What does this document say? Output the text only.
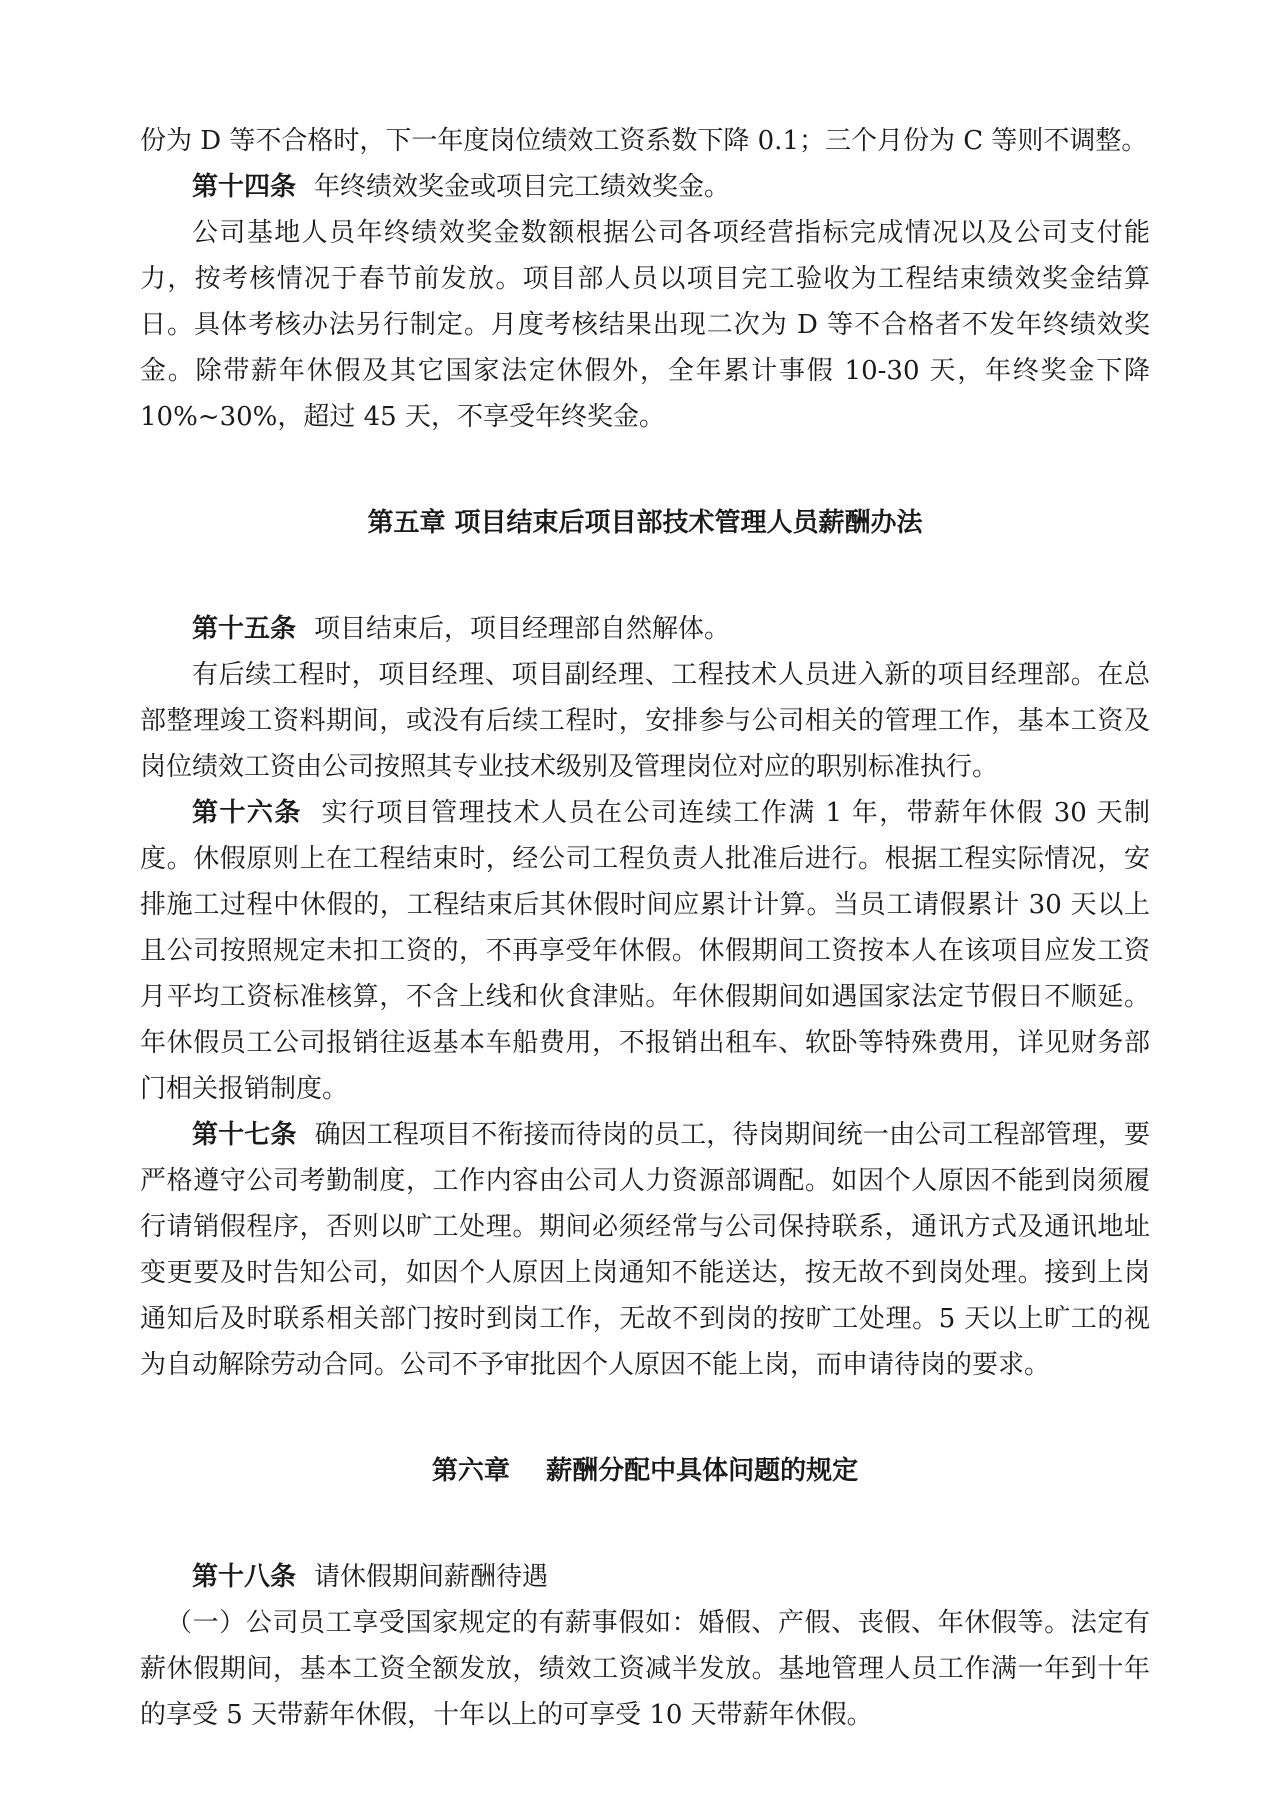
份为 D 等不合格时，下一年度岗位绩效工资系数下降 0.1；三个月份为 C 等则不调整。

第十四条 年终绩效奖金或项目完工绩效奖金。

公司基地人员年终绩效奖金数额根据公司各项经营指标完成情况以及公司支付能力，按考核情况于春节前发放。项目部人员以项目完工验收为工程结束绩效奖金结算日。具体考核办法另行制定。月度考核结果出现二次为 D 等不合格者不发年终绩效奖金。除带薪年休假及其它国家法定休假外，全年累计事假 10-30 天，年终奖金下降 10%~30%，超过 45 天，不享受年终奖金。

第五章 项目结束后项目部技术管理人员薪酬办法

第十五条 项目结束后，项目经理部自然解体。

有后续工程时，项目经理、项目副经理、工程技术人员进入新的项目经理部。在总部整理竣工资料期间，或没有后续工程时，安排参与公司相关的管理工作，基本工资及岗位绩效工资由公司按照其专业技术级别及管理岗位对应的职别标准执行。

第十六条 实行项目管理技术人员在公司连续工作满 1 年，带薪年休假 30 天制度。休假原则上在工程结束时，经公司工程负责人批准后进行。根据工程实际情况，安排施工过程中休假的，工程结束后其休假时间应累计计算。当员工请假累计 30 天以上且公司按照规定未扣工资的，不再享受年休假。休假期间工资按本人在该项目应发工资月平均工资标准核算，不含上线和伙食津贴。年休假期间如遇国家法定节假日不顺延。年休假员工公司报销往返基本车船费用，不报销出租车、软卧等特殊费用，详见财务部门相关报销制度。

第十七条 确因工程项目不衔接而待岗的员工，待岗期间统一由公司工程部管理，要严格遵守公司考勤制度，工作内容由公司人力资源部调配。如因个人原因不能到岗须履行请销假程序，否则以旷工处理。期间必须经常与公司保持联系，通讯方式及通讯地址变更要及时告知公司，如因个人原因上岗通知不能送达，按无故不到岗处理。接到上岗通知后及时联系相关部门按时到岗工作，无故不到岗的按旷工处理。5 天以上旷工的视为自动解除劳动合同。公司不予审批因个人原因不能上岗，而申请待岗的要求。

第六章    薪酬分配中具体问题的规定

第十八条 请休假期间薪酬待遇

（一）公司员工享受国家规定的有薪事假如：婚假、产假、丧假、年休假等。法定有薪休假期间，基本工资全额发放，绩效工资减半发放。基地管理人员工作满一年到十年的享受 5 天带薪年休假，十年以上的可享受 10 天带薪年休假。
